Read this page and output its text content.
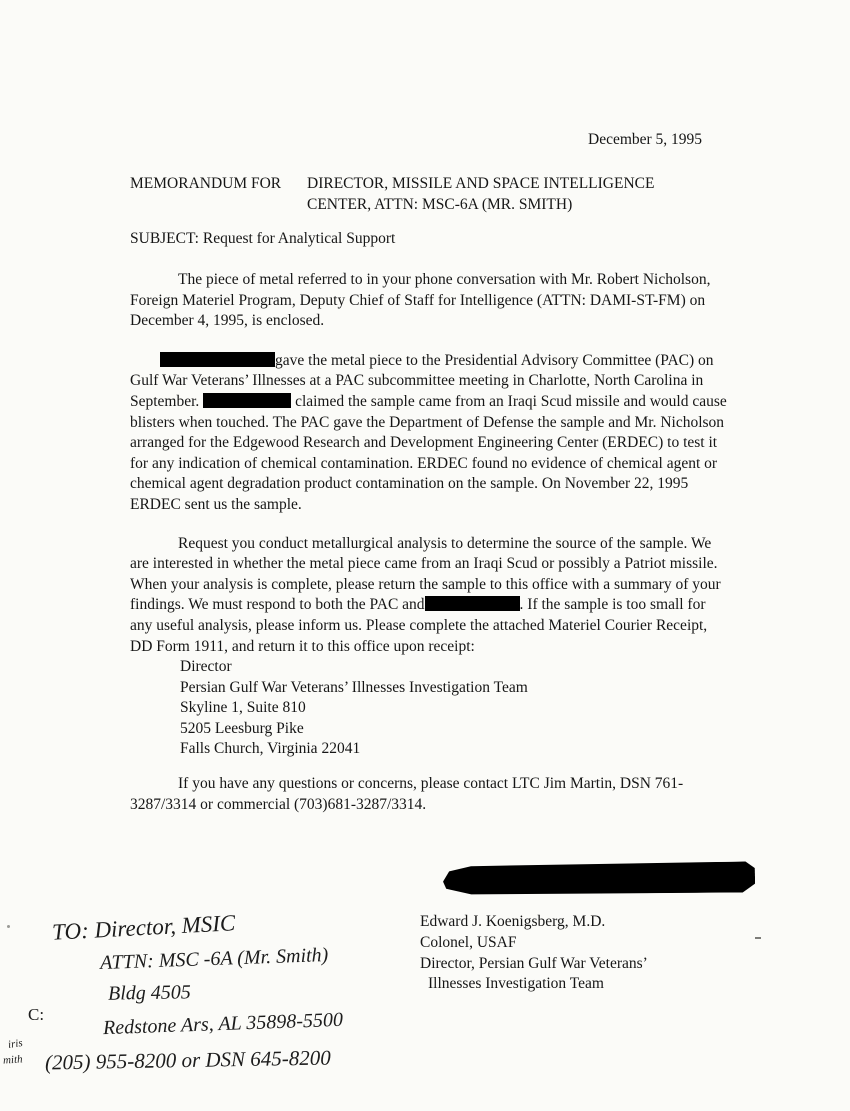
December 5, 1995
MEMORANDUM FOR	DIRECTOR, MISSILE AND SPACE INTELLIGENCE
CENTER, ATTN: MSC-6A (MR. SMITH)
SUBJECT: Request for Analytical Support

The piece of metal referred to in your phone conversation with Mr. Robert Nicholson, Foreign Materiel Program, Deputy Chief of Staff for Intelligence (ATTN: DAMI-ST-FM) on December 4, 1995, is enclosed.

gave the metal piece to the Presidential Advisory Committee (PAC) on Gulf War Veterans’ Illnesses at a PAC subcommittee meeting in Charlotte, North Carolina in September.	claimed the sample came from an Iraqi Scud missile and would cause blisters when touched. The PAC gave the Department of Defense the sample and Mr. Nicholson arranged for the Edgewood Research and Development Engineering Center (ERDEC) to test it for any indication of chemical contamination. ERDEC found no evidence of chemical agent or chemical agent degradation product contamination on the sample. On November 22, 1995 ERDEC sent us the sample.

Request you conduct metallurgical analysis to determine the source of the sample. We are interested in whether the metal piece came from an Iraqi Scud or possibly a Patriot missile. When your analysis is complete, please return the sample to this office with a summary of your findings. We must respond to both the PAC and	. If the sample is too small for any useful analysis, please inform us. Please complete the attached Materiel Courier Receipt, DD Form 1911, and return it to this office upon receipt:

Director
Persian Gulf War Veterans’ Illnesses Investigation Team
Skyline 1, Suite 810
5205 Leesburg Pike
Falls Church, Virginia 22041

If you have any questions or concerns, please contact LTC Jim Martin, DSN 761-3287/3314 or commercial (703)681-3287/3314.

Edward J. Koenigsberg, M.D.
Colonel, USAF
Director, Persian Gulf War Veterans’
Illnesses Investigation Team
TO: Director, MSIC
ATTN: MSC -6A (Mr. Smith)
Bldg 4505
C:	Redstone Ars, AL 35898-5500
iris
mith (205) 955-8200 or DSN 645-8200
